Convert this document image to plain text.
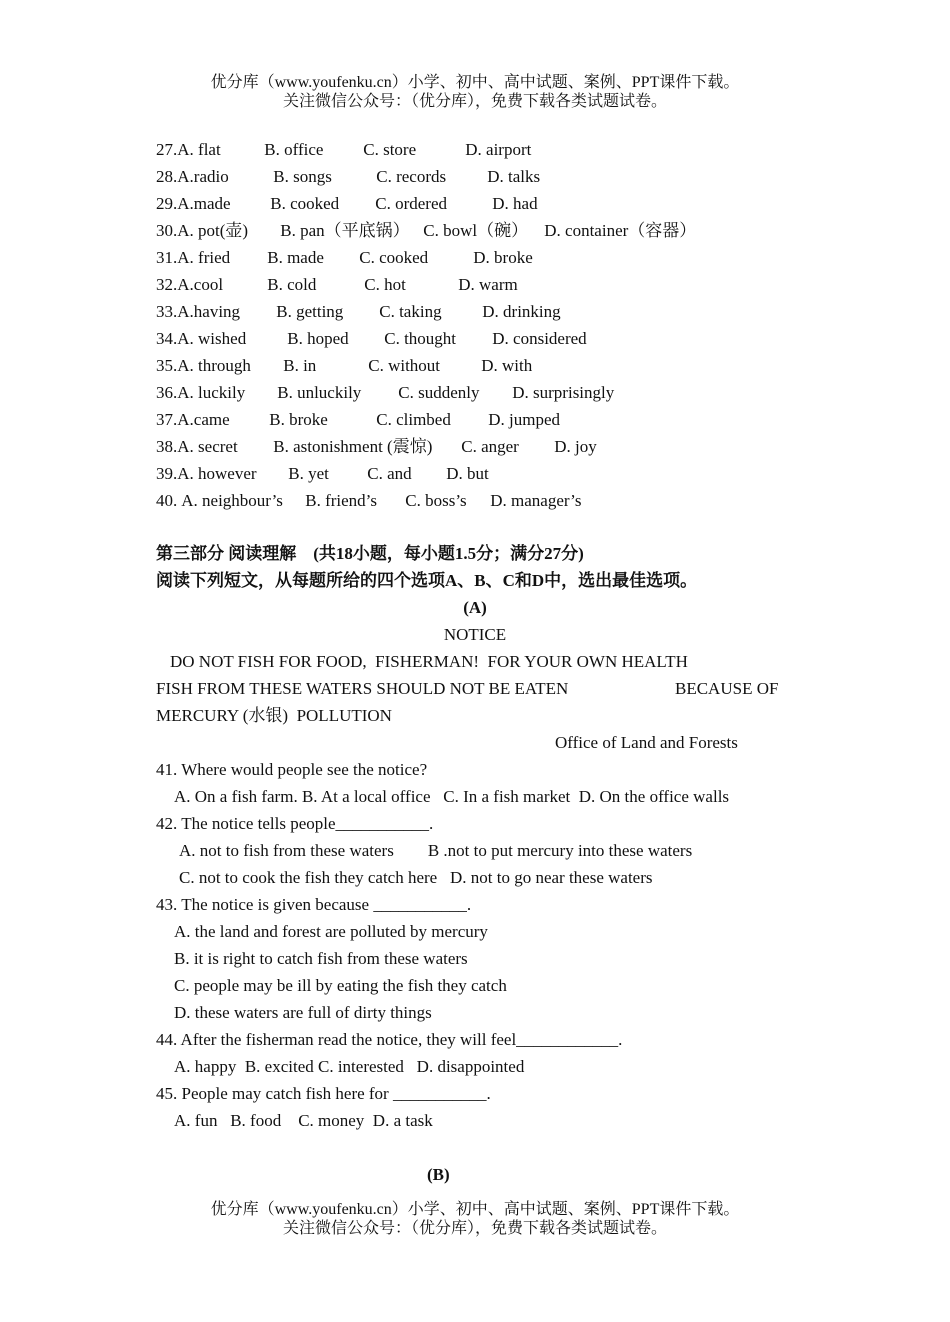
优分库（www.youfenku.cn）小学、初中、高中试题、案例、PPT课件下载。
关注微信公众号：（优分库），免费下载各类试题试卷。
27.A. flat	B. office C. store	D. airport
28.A.radio	B. songs	C. records D. talks
29.A.made B. cooked C. ordered	D. had
30.A. pot(壶) B. pan（平底锅） C. bowl（碗） D. container（容器）
31.A. fried B. made C. cooked	D. broke
32.A.cool	B. cold	C. hot	D. warm
33.A.having B. getting C. taking D. drinking
34.A. wished B. hoped C. thought D. considered
35.A. through B. in	C. without D. with
36.A. luckily B. unluckily C. suddenly D. surprisingly
37.A.came B. broke	C. climbed D. jumped
38.A. secret B. astonishment (震惊) C. anger D. joy
39.A. however B. yet C. and D. but
40. A. neighbour’s B. friend’s C. boss’s D. manager’s
第三部分 阅读理解　(共18小题，每小题1.5分；满分27分)
阅读下列短文，从每题所给的四个选项A、B、C和D中，选出最佳选项。
(A)
NOTICE
DO NOT FISH FOR FOOD,  FISHERMAN!  FOR YOUR OWN HEALTH
FISH FROM THESE WATERS SHOULD NOT BE EATEN	BECAUSE OF
MERCURY (水银)  POLLUTION
Office of Land and Forests
41. Where would people see the notice?
A. On a fish farm. B. At a local office   C. In a fish market  D. On the office walls
42. The notice tells people___________.
A. not to fish from these waters        B .not to put mercury into these waters
C. not to cook the fish they catch here   D. not to go near these waters
43. The notice is given because ___________.
A. the land and forest are polluted by mercury
B. it is right to catch fish from these waters
C. people may be ill by eating the fish they catch
D. these waters are full of dirty things
44. After the fisherman read the notice, they will feel____________.
A. happy  B. excited C. interested   D. disappointed
45. People may catch fish here for ___________.
A. fun   B. food    C. money  D. a task
(B)
优分库（www.youfenku.cn）小学、初中、高中试题、案例、PPT课件下载。
关注微信公众号：（优分库），免费下载各类试题试卷。
